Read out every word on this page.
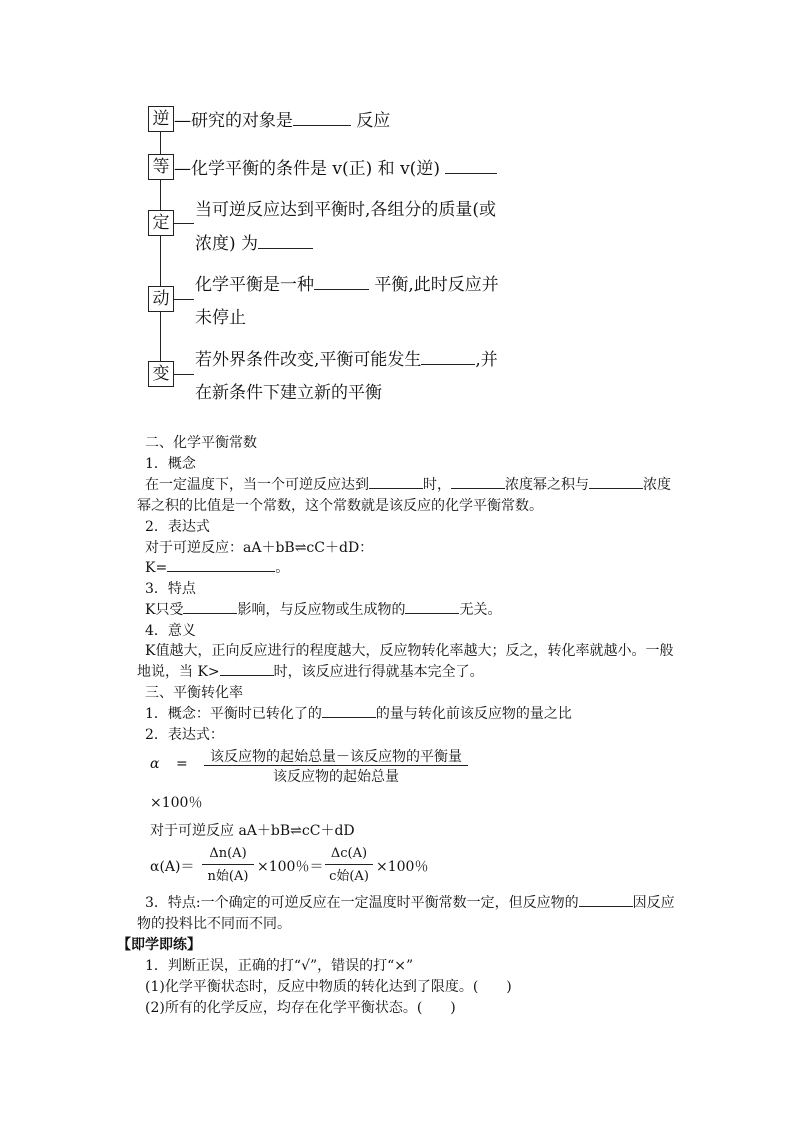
逆 —研究的对象是	反应
等 —化学平衡的条件是 v(正) 和 v(逆)
定
当可逆反应达到平衡时,各组分的质量(或
浓度) 为
动
化学平衡是一种	平衡,此时反应并
未停止
变
若外界条件改变,平衡可能发生	,并
在新条件下建立新的平衡
二、化学平衡常数
1．概念
在一定温度下，当一个可逆反应达到	时，	浓度幂之积与	浓度
幂之积的比值是一个常数，这个常数就是该反应的化学平衡常数。
2．表达式
对于可逆反应：aA＋bB⇌cC＋dD：
K=	。
3．特点
K只受	影响，与反应物或生成物的	无关。
4．意义
K值越大，正向反应进行的程度越大，反应物转化率越大；反之，转化率就越小。一般
地说，当 K>	时，该反应进行得就基本完全了。
三、平衡转化率
1．概念：平衡时已转化了的	的量与转化前该反应物的量之比
2．表达式：
α =	该反应物的起始总量－该反应物的平衡量
该反应物的起始总量
×100％
对于可逆反应 aA＋bB⇌cC＋dD
α(A)＝
Δn(A)
n始(A)
×100％＝
Δc(A)
c始(A)
×100％
3．特点:一个确定的可逆反应在一定温度时平衡常数一定，但反应物的	因反应
物的投料比不同而不同。
【即学即练】
1．判断正误，正确的打“√”，错误的打“×”
(1)化学平衡状态时，反应中物质的转化达到了限度。(　　)
(2)所有的化学反应，均存在化学平衡状态。(　　)
